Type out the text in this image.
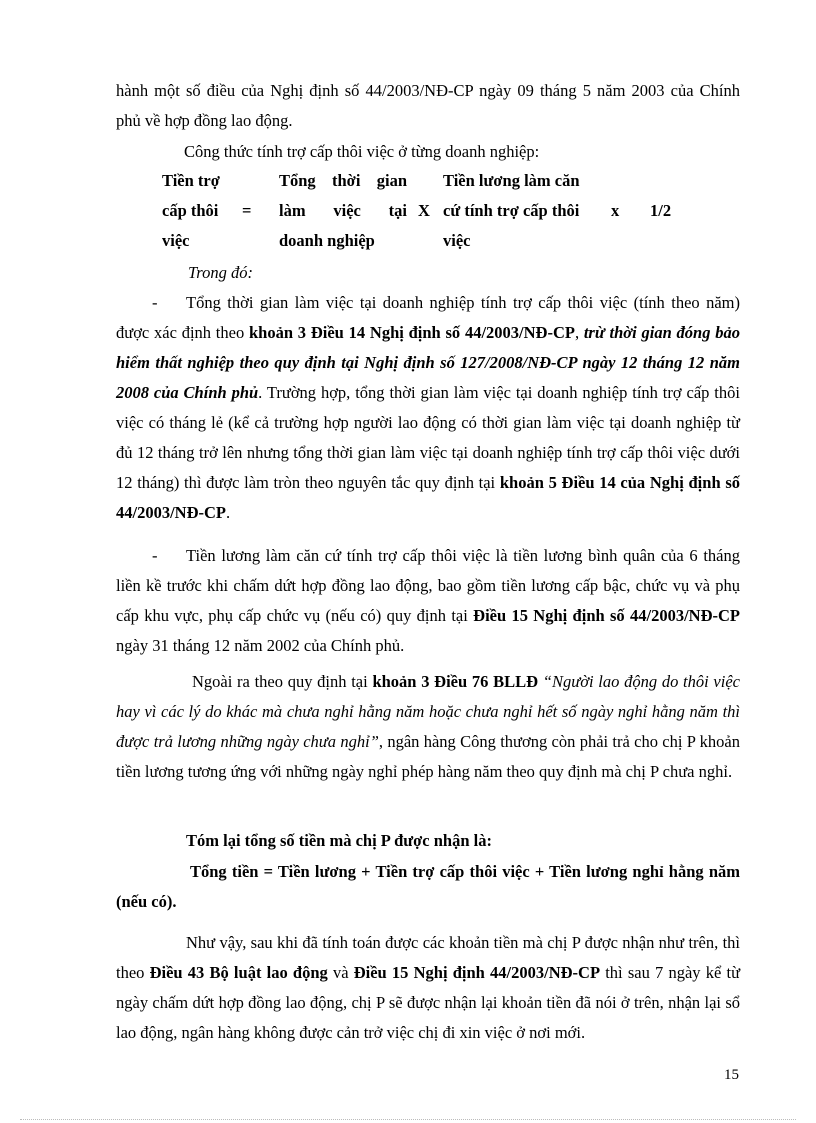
hành một số điều của Nghị định số 44/2003/NĐ-CP ngày 09 tháng 5 năm 2003 của Chính
phủ về hợp đồng lao động.
Công thức tính trợ cấp thôi việc ở từng doanh nghiệp:
Tiền trợ
cấp thôi
việc
=
Tổng thời gian
làm việc tại
doanh nghiệp
X
Tiền lương làm căn
cứ tính trợ cấp thôi
việc
x 1/2
Trong đó:
-	Tổng thời gian làm việc tại doanh nghiệp tính trợ cấp thôi việc (tính theo năm)
được xác định theo khoản 3 Điều 14 Nghị định số 44/2003/NĐ-CP, trừ thời gian đóng bảo hiểm thất nghiệp theo quy định tại Nghị định số 127/2008/NĐ-CP ngày 12 tháng 12 năm 2008 của Chính phủ. Trường hợp, tổng thời gian làm việc tại doanh nghiệp tính trợ cấp thôi việc có tháng lẻ (kể cả trường hợp người lao động có thời gian làm việc tại doanh nghiệp từ đủ 12 tháng trở lên nhưng tổng thời gian làm việc tại doanh nghiệp tính trợ cấp thôi việc dưới 12 tháng) thì được làm tròn theo nguyên tắc quy định tại khoản 5 Điều 14 của Nghị định số 44/2003/NĐ-CP.
-	Tiền lương làm căn cứ tính trợ cấp thôi việc là tiền lương bình quân của 6 tháng
liền kề trước khi chấm dứt hợp đồng lao động, bao gồm tiền lương cấp bậc, chức vụ và phụ cấp khu vực, phụ cấp chức vụ (nếu có) quy định tại Điều 15 Nghị định số 44/2003/NĐ-CP ngày 31 tháng 12 năm 2002 của Chính phủ.
Ngoài ra theo quy định tại khoản 3 Điều 76 BLLĐ “Người lao động do thôi việc hay vì các lý do khác mà chưa nghỉ hằng năm hoặc chưa nghỉ hết số ngày nghỉ hằng năm thì được trả lương những ngày chưa nghỉ”, ngân hàng Công thương còn phải trả cho chị P khoản tiền lương tương ứng với những ngày nghỉ phép hàng năm theo quy định mà chị P chưa nghỉ.
Tóm lại tổng số tiền mà chị P được nhận là:
Tổng tiền = Tiền lương + Tiền trợ cấp thôi việc + Tiền lương nghỉ hằng năm (nếu có).
Như vậy, sau khi đã tính toán được các khoản tiền mà chị P được nhận như trên, thì theo Điều 43 Bộ luật lao động và Điều 15 Nghị định 44/2003/NĐ-CP thì sau 7 ngày kể từ ngày chấm dứt hợp đồng lao động, chị P sẽ được nhận lại khoản tiền đã nói ở trên, nhận lại sổ lao động, ngân hàng không được cản trở việc chị đi xin việc ở nơi mới.
15
